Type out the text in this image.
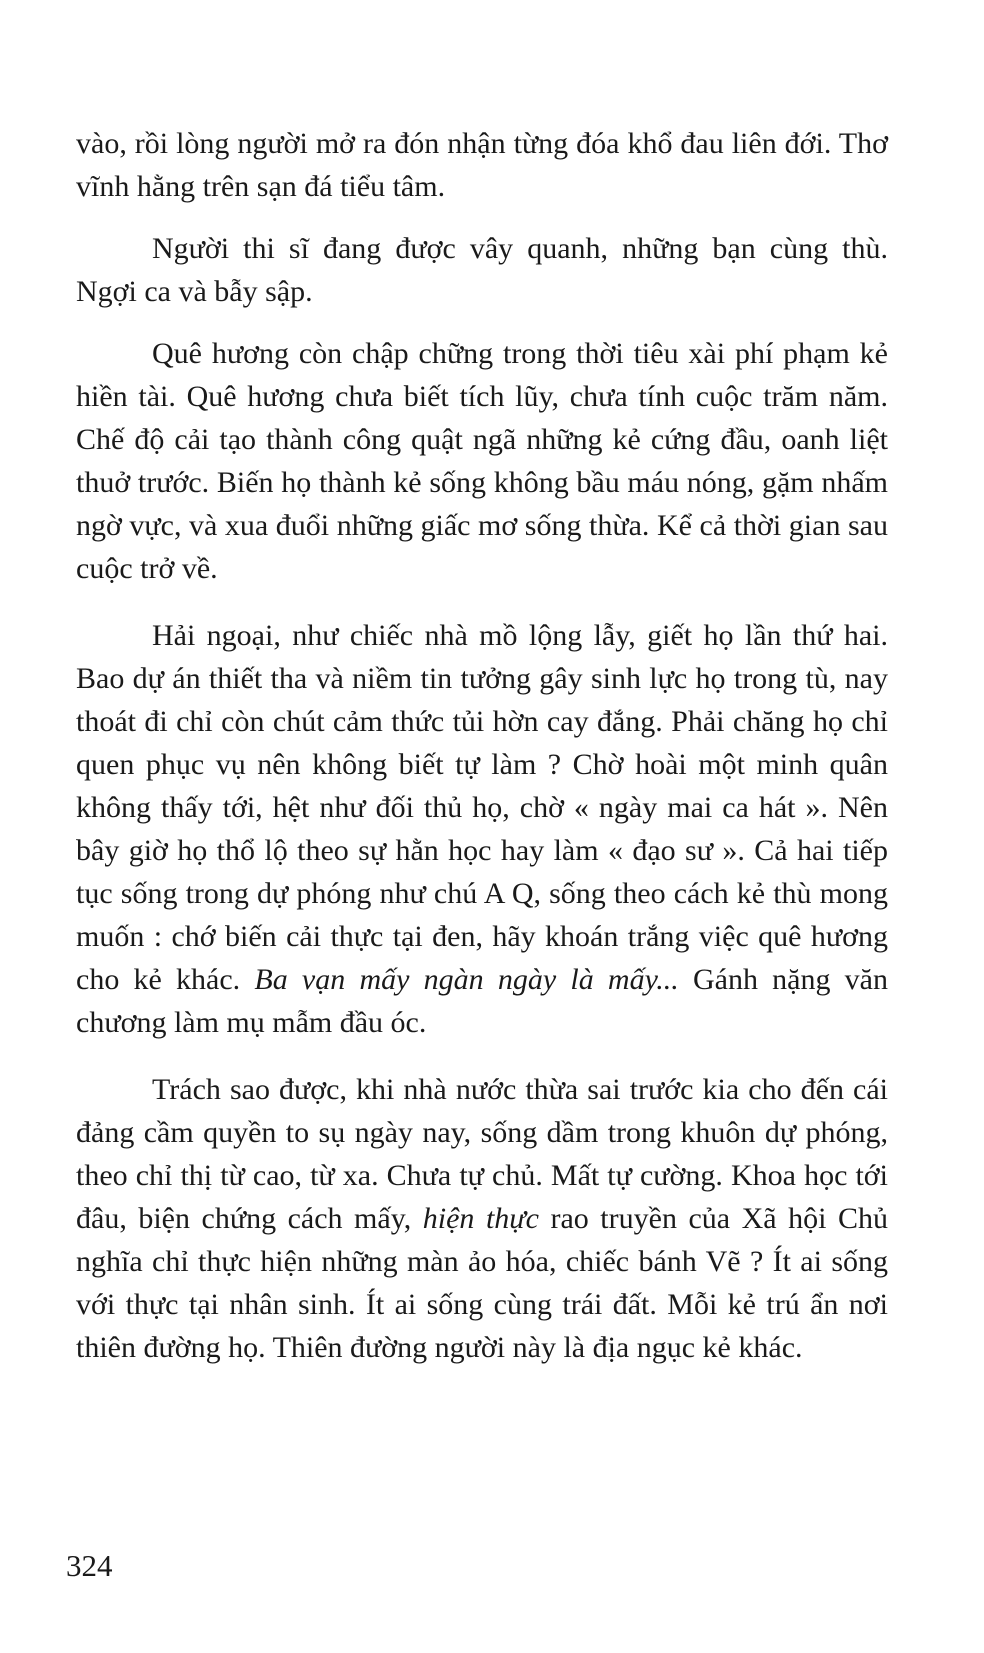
vào, rồi lòng người mở ra đón nhận từng đóa khổ đau liên đới. Thơ vĩnh hằng trên sạn đá tiểu tâm.

Người thi sĩ đang được vây quanh, những bạn cùng thù. Ngợi ca và bẫy sập.

Quê hương còn chập chững trong thời tiêu xài phí phạm kẻ hiền tài. Quê hương chưa biết tích lũy, chưa tính cuộc trăm năm. Chế độ cải tạo thành công quật ngã những kẻ cứng đầu, oanh liệt thuở trước. Biến họ thành kẻ sống không bầu máu nóng, gặm nhấm ngờ vực, và xua đuổi những giấc mơ sống thừa. Kể cả thời gian sau cuộc trở về.

Hải ngoại, như chiếc nhà mồ lộng lẫy, giết họ lần thứ hai. Bao dự án thiết tha và niềm tin tưởng gây sinh lực họ trong tù, nay thoát đi chỉ còn chút cảm thức tủi hờn cay đắng. Phải chăng họ chỉ quen phục vụ nên không biết tự làm ? Chờ hoài một minh quân không thấy tới, hệt như đối thủ họ, chờ « ngày mai ca hát ». Nên bây giờ họ thổ lộ theo sự hằn học hay làm « đạo sư ». Cả hai tiếp tục sống trong dự phóng như chú A Q, sống theo cách kẻ thù mong muốn : chớ biến cải thực tại đen, hãy khoán trắng việc quê hương cho kẻ khác. Ba vạn mấy ngàn ngày là mấy... Gánh nặng văn chương làm mụ mẫm đầu óc.

Trách sao được, khi nhà nước thừa sai trước kia cho đến cái đảng cầm quyền to sụ ngày nay, sống dầm trong khuôn dự phóng, theo chỉ thị từ cao, từ xa. Chưa tự chủ. Mất tự cường. Khoa học tới đâu, biện chứng cách mấy, hiện thực rao truyền của Xã hội Chủ nghĩa chỉ thực hiện những màn ảo hóa, chiếc bánh Vẽ ? Ít ai sống với thực tại nhân sinh. Ít ai sống cùng trái đất. Mỗi kẻ trú ẩn nơi thiên đường họ. Thiên đường người này là địa ngục kẻ khác.

324
